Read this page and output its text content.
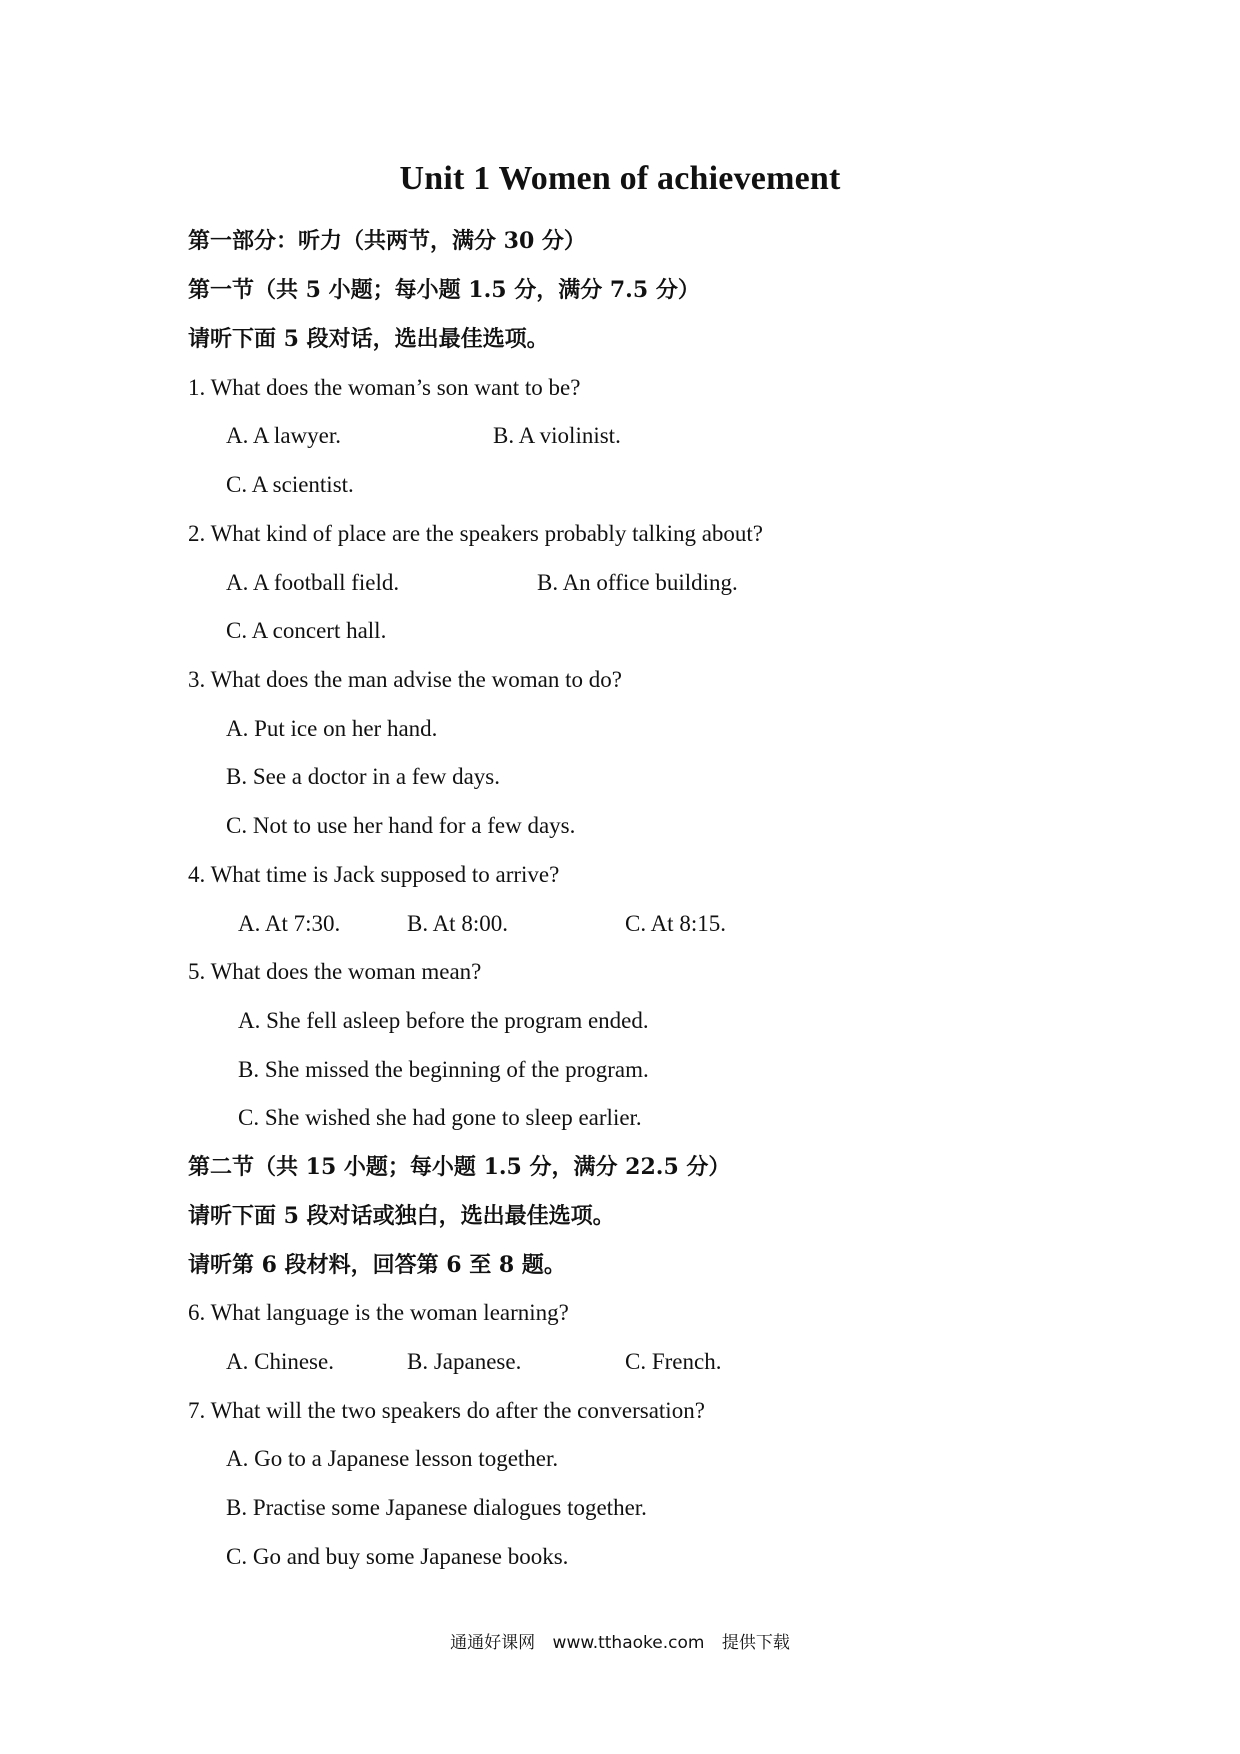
Unit 1 Women of achievement
第一部分：听力（共两节，满分 30 分）
第一节（共 5 小题；每小题 1.5 分，满分 7.5 分）
请听下面 5 段对话，选出最佳选项。
1. What does the woman’s son want to be?
A. A lawyer.	B. A violinist.
C. A scientist.
2. What kind of place are the speakers probably talking about?
A. A football field.	B. An office building.
C. A concert hall.
3. What does the man advise the woman to do?
A. Put ice on her hand.
B. See a doctor in a few days.
C. Not to use her hand for a few days.
4. What time is Jack supposed to arrive?
A. At 7:30.	B. At 8:00.	C. At 8:15.
5. What does the woman mean?
A. She fell asleep before the program ended.
B. She missed the beginning of the program.
C. She wished she had gone to sleep earlier.
第二节（共 15 小题；每小题 1.5 分，满分 22.5 分）
请听下面 5 段对话或独白，选出最佳选项。
请听第 6 段材料，回答第 6 至 8 题。
6. What language is the woman learning?
A. Chinese.	B. Japanese.	C. French.
7. What will the two speakers do after the conversation?
A. Go to a Japanese lesson together.
B. Practise some Japanese dialogues together.
C. Go and buy some Japanese books.
通通好课网 www.tthaoke.com 提供下载
